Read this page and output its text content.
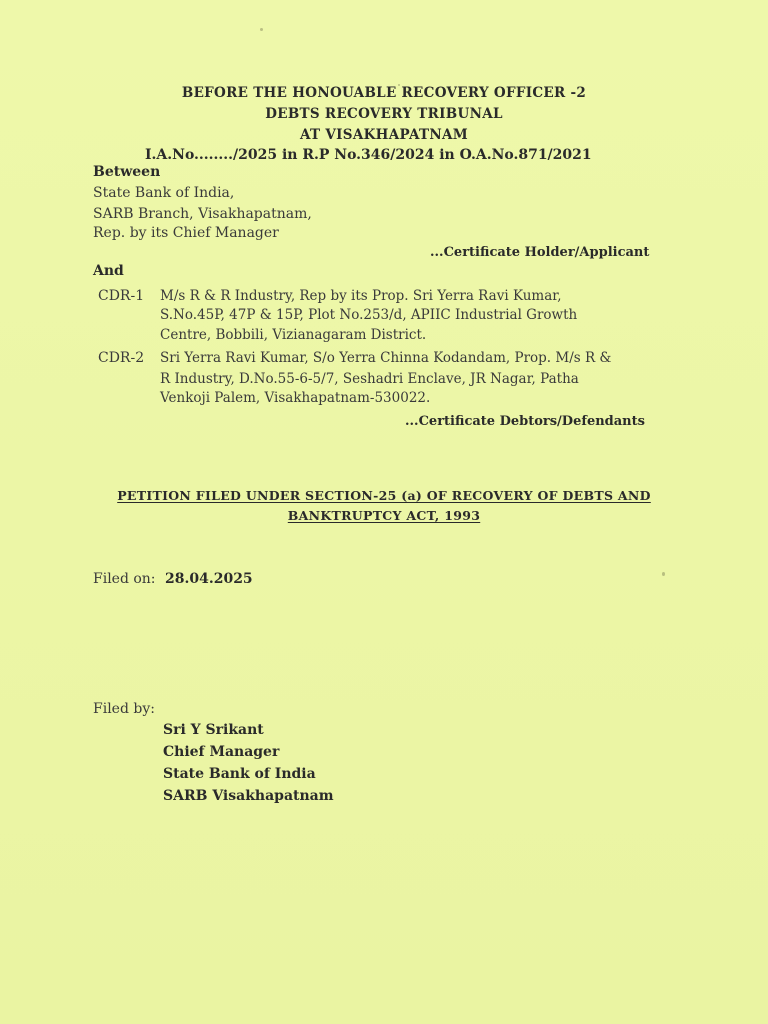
BEFORE THE HONOUABLE RECOVERY OFFICER -2
DEBTS RECOVERY TRIBUNAL
AT VISAKHAPATNAM
I.A.No......../2025 in R.P No.346/2024 in O.A.No.871/2021
Between
State Bank of India,
SARB Branch, Visakhapatnam,
Rep. by its Chief Manager
...Certificate Holder/Applicant
And
CDR-1 M/s R & R Industry, Rep by its Prop. Sri Yerra Ravi Kumar,
S.No.45P, 47P & 15P, Plot No.253/d, APIIC Industrial Growth
Centre, Bobbili, Vizianagaram District.
CDR-2 Sri Yerra Ravi Kumar, S/o Yerra Chinna Kodandam, Prop. M/s R &
R Industry, D.No.55-6-5/7, Seshadri Enclave, JR Nagar, Patha
Venkoji Palem, Visakhapatnam-530022.
...Certificate Debtors/Defendants
PETITION FILED UNDER SECTION-25 (a) OF RECOVERY OF DEBTS AND
BANKTRUPTCY ACT, 1993
Filed on: 28.04.2025
Filed by:
Sri Y Srikant
Chief Manager
State Bank of India
SARB Visakhapatnam
